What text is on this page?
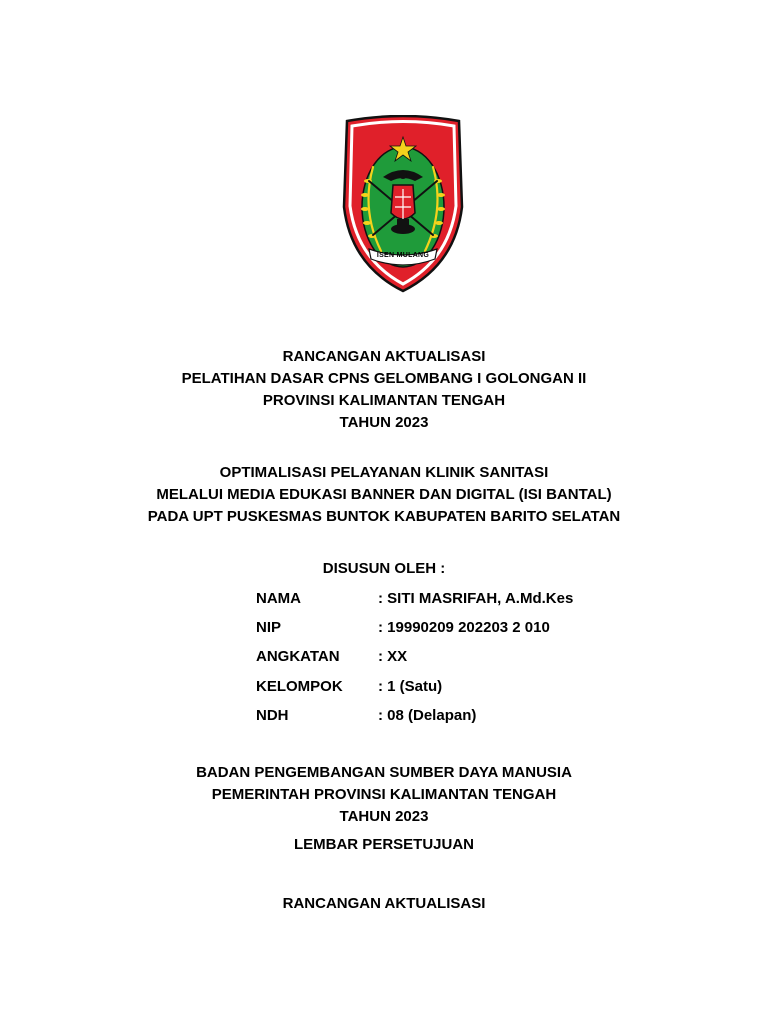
ISEN MULANG
RANCANGAN AKTUALISASI
PELATIHAN DASAR CPNS GELOMBANG I GOLONGAN II
PROVINSI KALIMANTAN TENGAH
TAHUN 2023
OPTIMALISASI PELAYANAN KLINIK SANITASI
MELALUI MEDIA EDUKASI BANNER DAN DIGITAL (ISI BANTAL)
PADA UPT PUSKESMAS BUNTOK KABUPATEN BARITO SELATAN
DISUSUN OLEH :
NAMA	: SITI MASRIFAH, A.Md.Kes
NIP	: 19990209 202203 2 010
ANGKATAN	: XX
KELOMPOK	: 1 (Satu)
NDH	: 08 (Delapan)
BADAN PENGEMBANGAN SUMBER DAYA MANUSIA
PEMERINTAH PROVINSI KALIMANTAN TENGAH
TAHUN 2023
LEMBAR PERSETUJUAN
RANCANGAN AKTUALISASI
